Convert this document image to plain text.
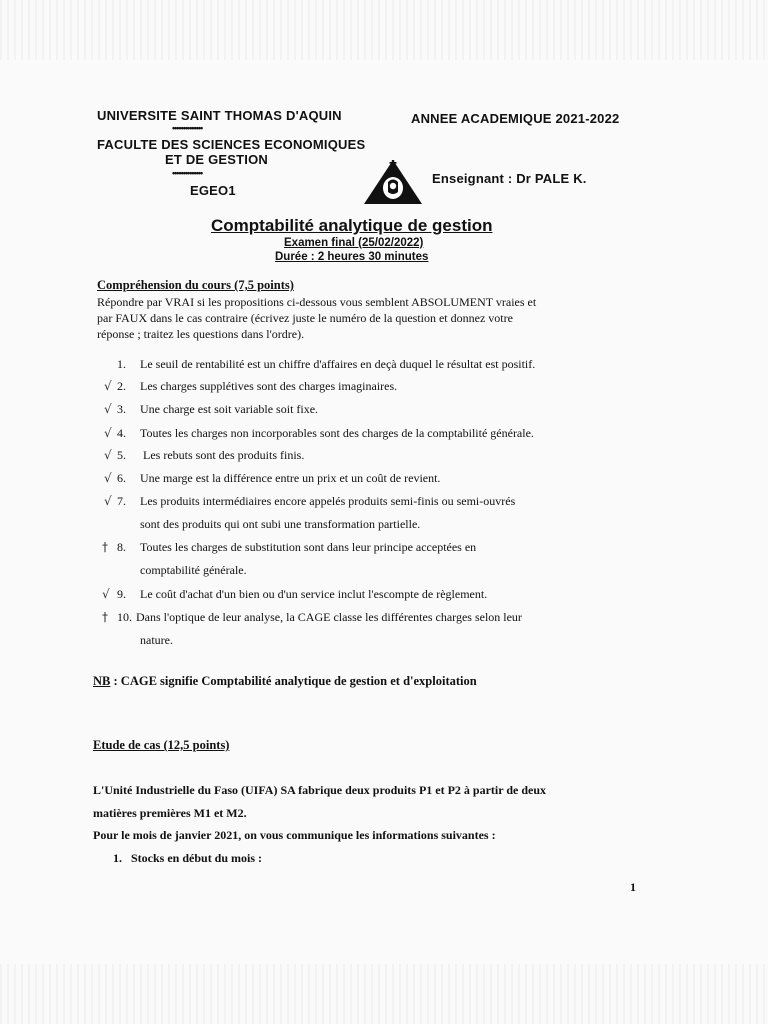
UNIVERSITE SAINT THOMAS D'AQUIN
••••••••••••••
ANNEE ACADEMIQUE 2021-2022
FACULTE DES SCIENCES ECONOMIQUES
ET DE GESTION
••••••••••••••
EGEO1
Enseignant : Dr PALE K.
Comptabilité analytique de gestion
Examen final (25/02/2022)
Durée : 2 heures 30 minutes
Compréhension du cours (7,5 points)
Répondre par VRAI si les propositions ci-dessous vous semblent ABSOLUMENT vraies et
par FAUX dans le cas contraire (écrivez juste le numéro de la question et donnez votre
réponse ; traitez les questions dans l'ordre).
1. Le seuil de rentabilité est un chiffre d'affaires en deçà duquel le résultat est positif.
√ 2. Les charges supplétives sont des charges imaginaires.
√ 3. Une charge est soit variable soit fixe.
√ 4. Toutes les charges non incorporables sont des charges de la comptabilité générale.
√ 5. Les rebuts sont des produits finis.
√ 6. Une marge est la différence entre un prix et un coût de revient.
√ 7. Les produits intermédiaires encore appelés produits semi-finis ou semi-ouvrés
sont des produits qui ont subi une transformation partielle.
† 8. Toutes les charges de substitution sont dans leur principe acceptées en
comptabilité générale.
√ 9. Le coût d'achat d'un bien ou d'un service inclut l'escompte de règlement.
† 10. Dans l'optique de leur analyse, la CAGE classe les différentes charges selon leur
nature.
NB : CAGE signifie Comptabilité analytique de gestion et d'exploitation
Etude de cas (12,5 points)
L'Unité Industrielle du Faso (UIFA) SA fabrique deux produits P1 et P2 à partir de deux
matières premières M1 et M2.
Pour le mois de janvier 2021, on vous communique les informations suivantes :
1. Stocks en début du mois :
1
